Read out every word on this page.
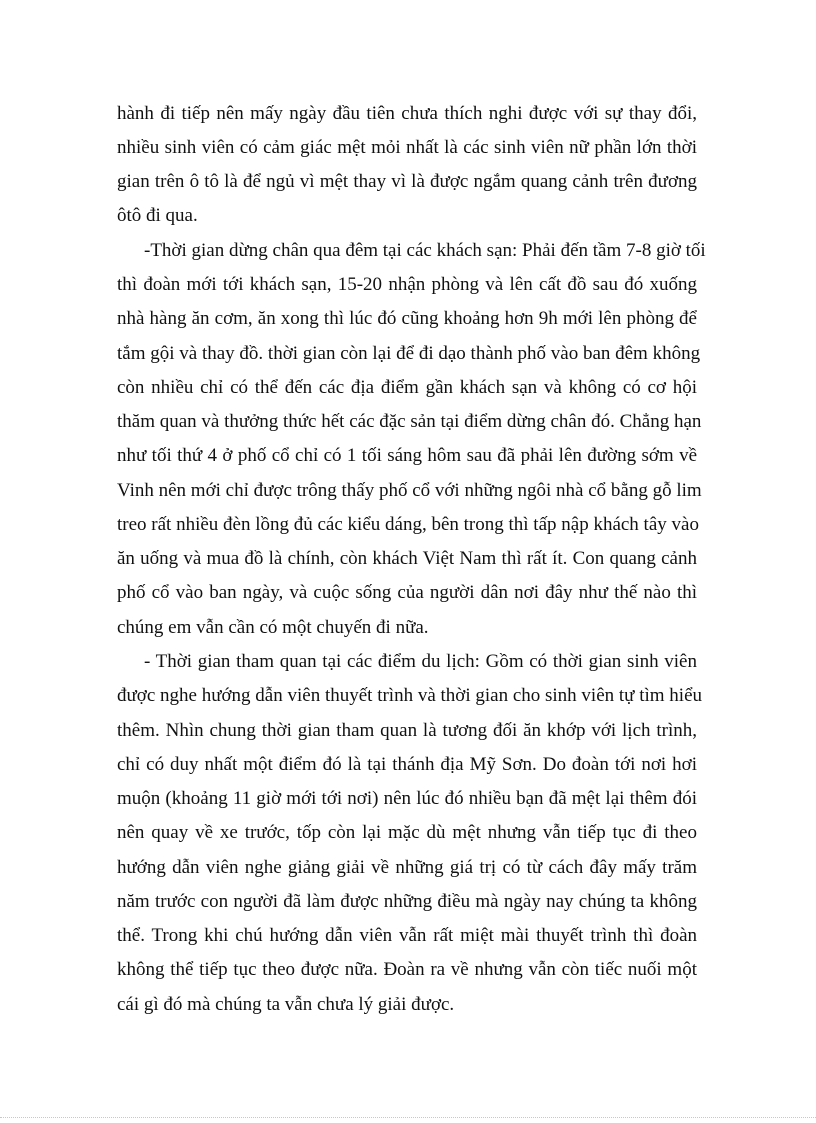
hành đi tiếp nên mấy ngày đầu tiên chưa thích nghi được với sự thay đổi,
nhiều sinh viên có cảm giác mệt mỏi nhất là các sinh viên nữ phần lớn thời
gian trên ô tô là để ngủ vì mệt thay vì là được ngắm quang cảnh trên đương
ôtô đi qua.
-Thời gian dừng chân qua đêm tại các khách sạn: Phải đến tầm 7-8 giờ tối
thì đoàn mới tới khách sạn, 15-20 nhận phòng và lên cất đồ sau đó xuống
nhà hàng ăn cơm, ăn xong thì lúc đó cũng khoảng hơn 9h mới lên phòng để
tắm gội và thay đồ. thời gian còn lại để đi dạo thành phố vào ban đêm không
còn nhiều chỉ có thể đến các địa điểm gần khách sạn và không có cơ hội
thăm quan và thưởng thức hết các đặc sản tại điểm dừng chân đó. Chẳng hạn
như tối thứ 4 ở phố cổ chỉ có 1 tối sáng hôm sau đã phải lên đường sớm về
Vinh nên mới chỉ được trông thấy phố cổ với những ngôi nhà cổ bằng gỗ lim
treo rất nhiều đèn lồng đủ các kiểu dáng, bên trong thì tấp nập khách tây vào
ăn uống và mua đồ là chính, còn khách Việt Nam thì rất ít. Con quang cảnh
phố cổ vào ban ngày, và cuộc sống của người dân nơi đây như thế nào thì
chúng em vẫn cần có một chuyến đi nữa.
- Thời gian tham quan tại các điểm du lịch: Gồm có thời gian sinh viên
được nghe hướng dẫn viên thuyết trình và thời gian cho sinh viên tự tìm hiểu
thêm. Nhìn chung thời gian tham quan là tương đối ăn khớp với lịch trình,
chỉ có duy nhất một điểm đó là tại thánh địa Mỹ Sơn. Do đoàn tới nơi hơi
muộn (khoảng 11 giờ mới tới nơi) nên lúc đó nhiều bạn đã mệt lại thêm đói
nên quay về xe trước, tốp còn lại mặc dù mệt nhưng vẫn tiếp tục đi theo
hướng dẫn viên nghe giảng giải về những giá trị có từ cách đây mấy trăm
năm trước con người đã làm được những điều mà ngày nay chúng ta không
thể. Trong khi chú hướng dẫn viên vẫn rất miệt mài thuyết trình thì đoàn
không thể tiếp tục theo được nữa. Đoàn ra về nhưng vẫn còn tiếc nuối một
cái gì đó mà chúng ta vẫn chưa lý giải được.
